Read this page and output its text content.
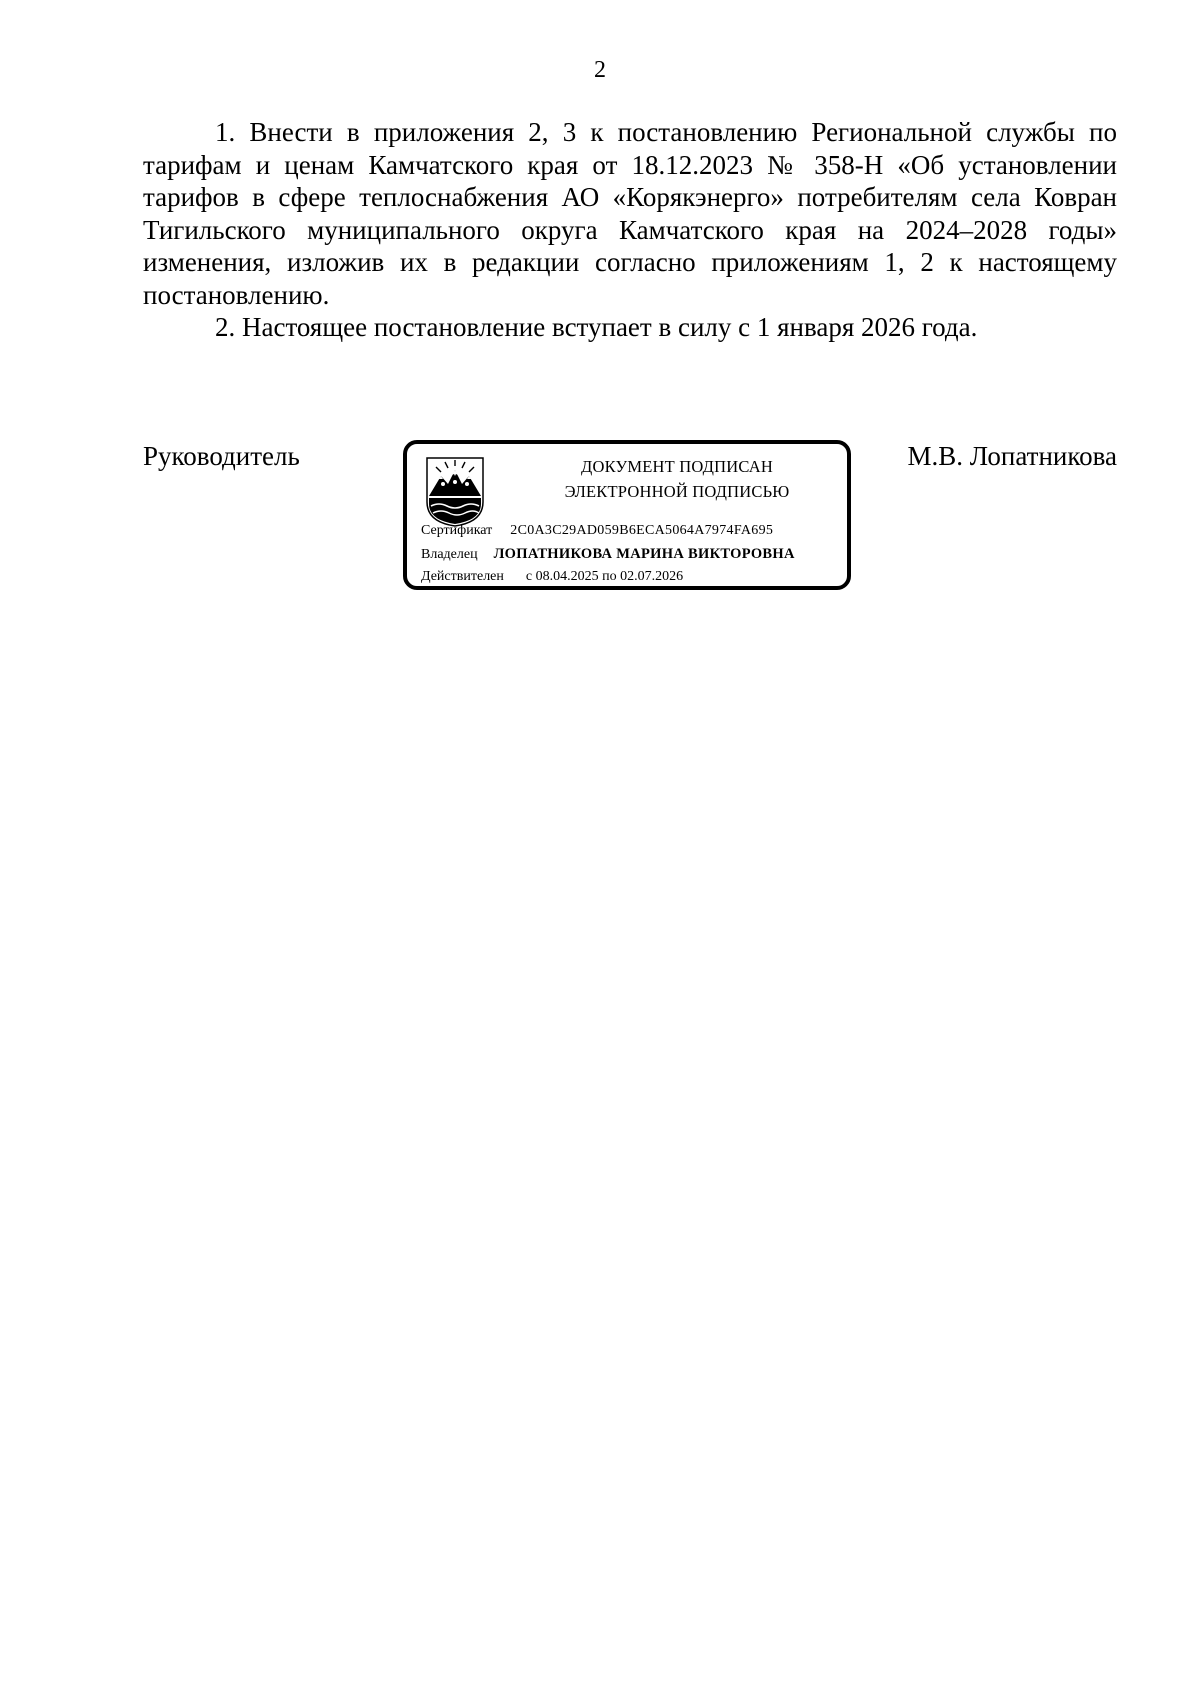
2

1. Внести в приложения 2, 3 к постановлению Региональной службы по тарифам и ценам Камчатского края от 18.12.2023 № 358-Н «Об установлении тарифов в сфере теплоснабжения АО «Корякэнерго» потребителям села Ковран Тигильского муниципального округа Камчатского края на 2024–2028 годы» изменения, изложив их в редакции согласно приложениям 1, 2 к настоящему постановлению.

2. Настоящее постановление вступает в силу с 1 января 2026 года.

Руководитель	ДОКУМЕНТ ПОДПИСАН
ЭЛЕКТРОННОЙ ПОДПИСЬЮ
Сертификат 2C0A3C29AD059B6ECA5064A7974FA695
Владелец ЛОПАТНИКОВА МАРИНА ВИКТОРОВНА
Действителен с 08.04.2025 по 02.07.2026
М.В. Лопатникова
